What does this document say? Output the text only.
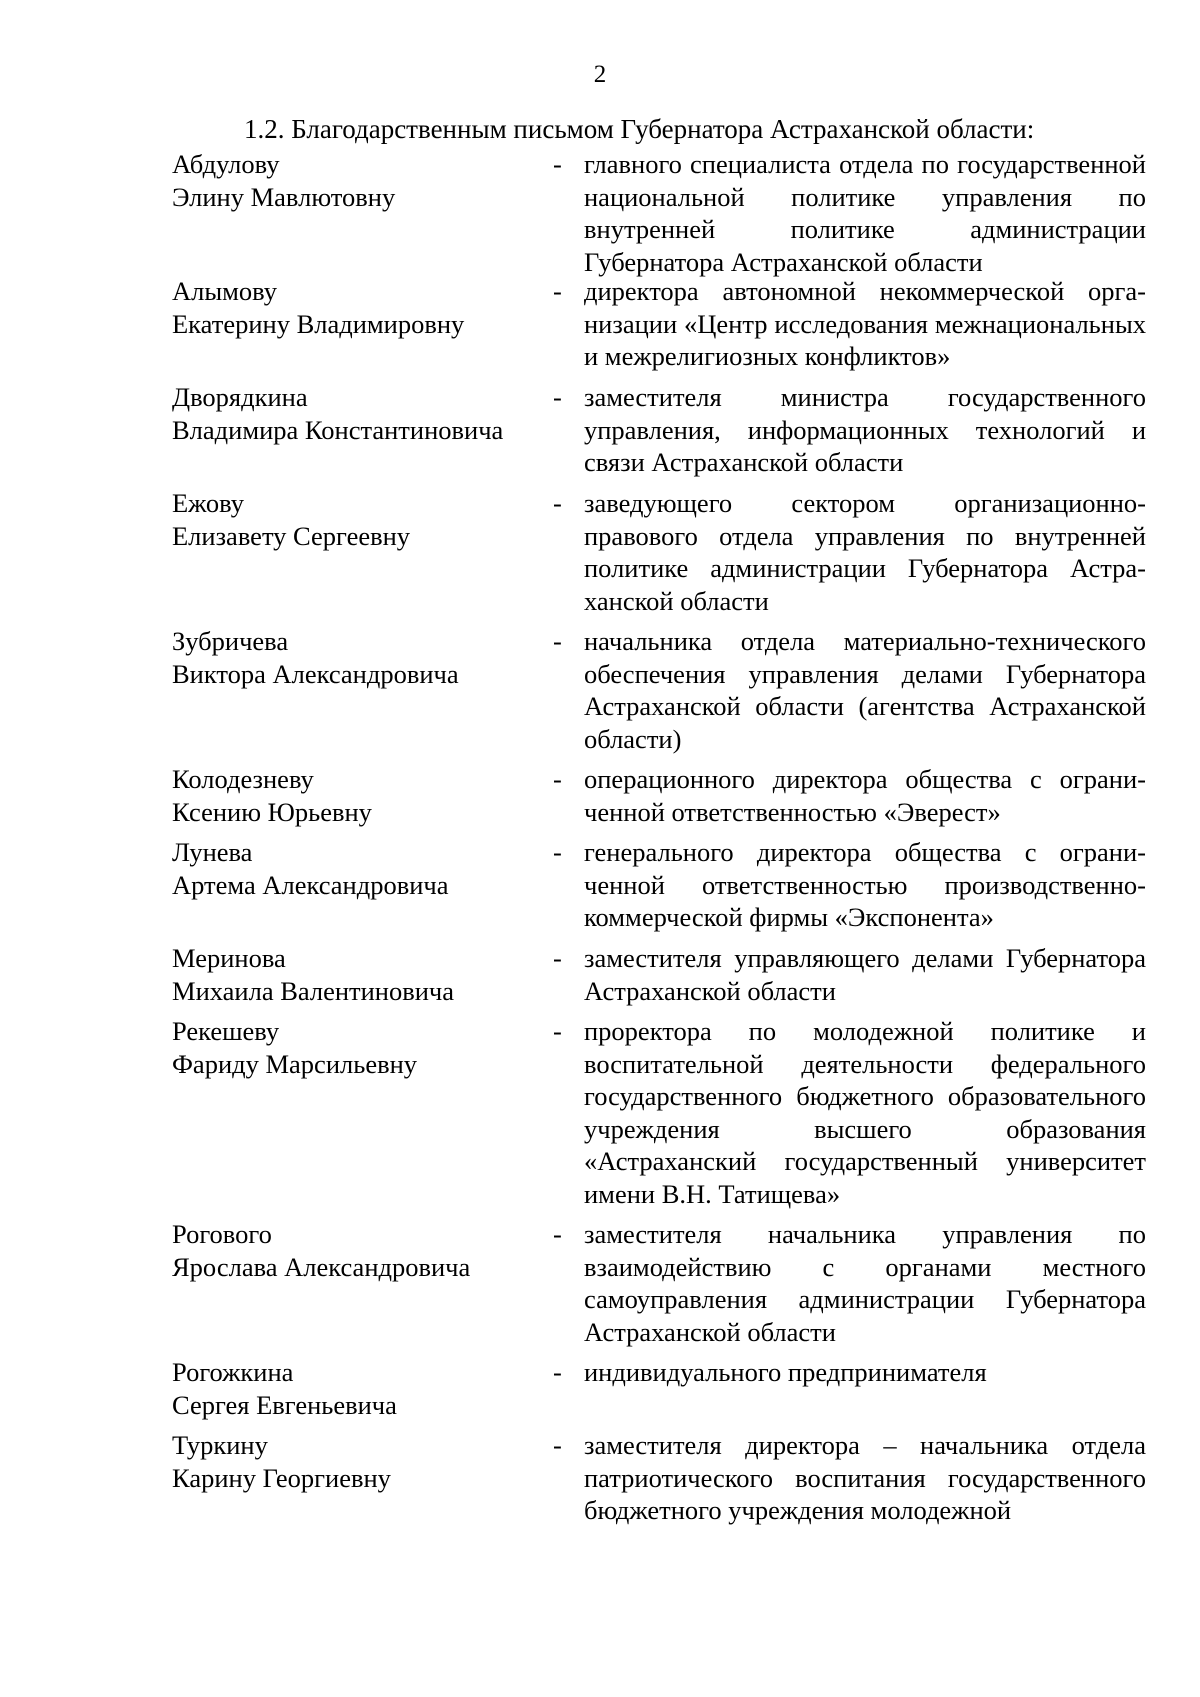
2
1.2. Благодарственным письмом Губернатора Астраханской области:
Абдулову
Элину Мавлютовну
- главного специалиста отдела по государственной национальной политике управления по внутренней политике администрации Губернатора Астраханской области
Алымову
Екатерину Владимировну
- директора автономной некоммерческой организации «Центр исследования межнациональных и межрелигиозных конфликтов»
Дворядкина
Владимира Константиновича
- заместителя министра государственного управления, информационных технологий и связи Астраханской области
Ежову
Елизавету Сергеевну
- заведующего сектором организационно-правового отдела управления по внутренней политике администрации Губернатора Астраханской области
Зубричева
Виктора Александровича
- начальника отдела материально-технического обеспечения управления делами Губернатора Астраханской области (агентства Астраханской области)
Колодезневу
Ксению Юрьевну
- операционного директора общества с ограниченной ответственностью «Эверест»
Лунева
Артема Александровича
- генерального директора общества с ограниченной ответственностью производственно-коммерческой фирмы «Экспонента»
Меринова
Михаила Валентиновича
- заместителя управляющего делами Губернатора Астраханской области
Рекешеву
Фариду Марсильевну
- проректора по молодежной политике и воспитательной деятельности федерального государственного бюджетного образовательного учреждения высшего образования «Астраханский государственный университет имени В.Н. Татищева»
Рогового
Ярослава Александровича
- заместителя начальника управления по взаимодействию с органами местного самоуправления администрации Губернатора Астраханской области
Рогожкина
Сергея Евгеньевича
- индивидуального предпринимателя
Туркину
Карину Георгиевну
- заместителя директора – начальника отдела патриотического воспитания государственного бюджетного учреждения молодежной
